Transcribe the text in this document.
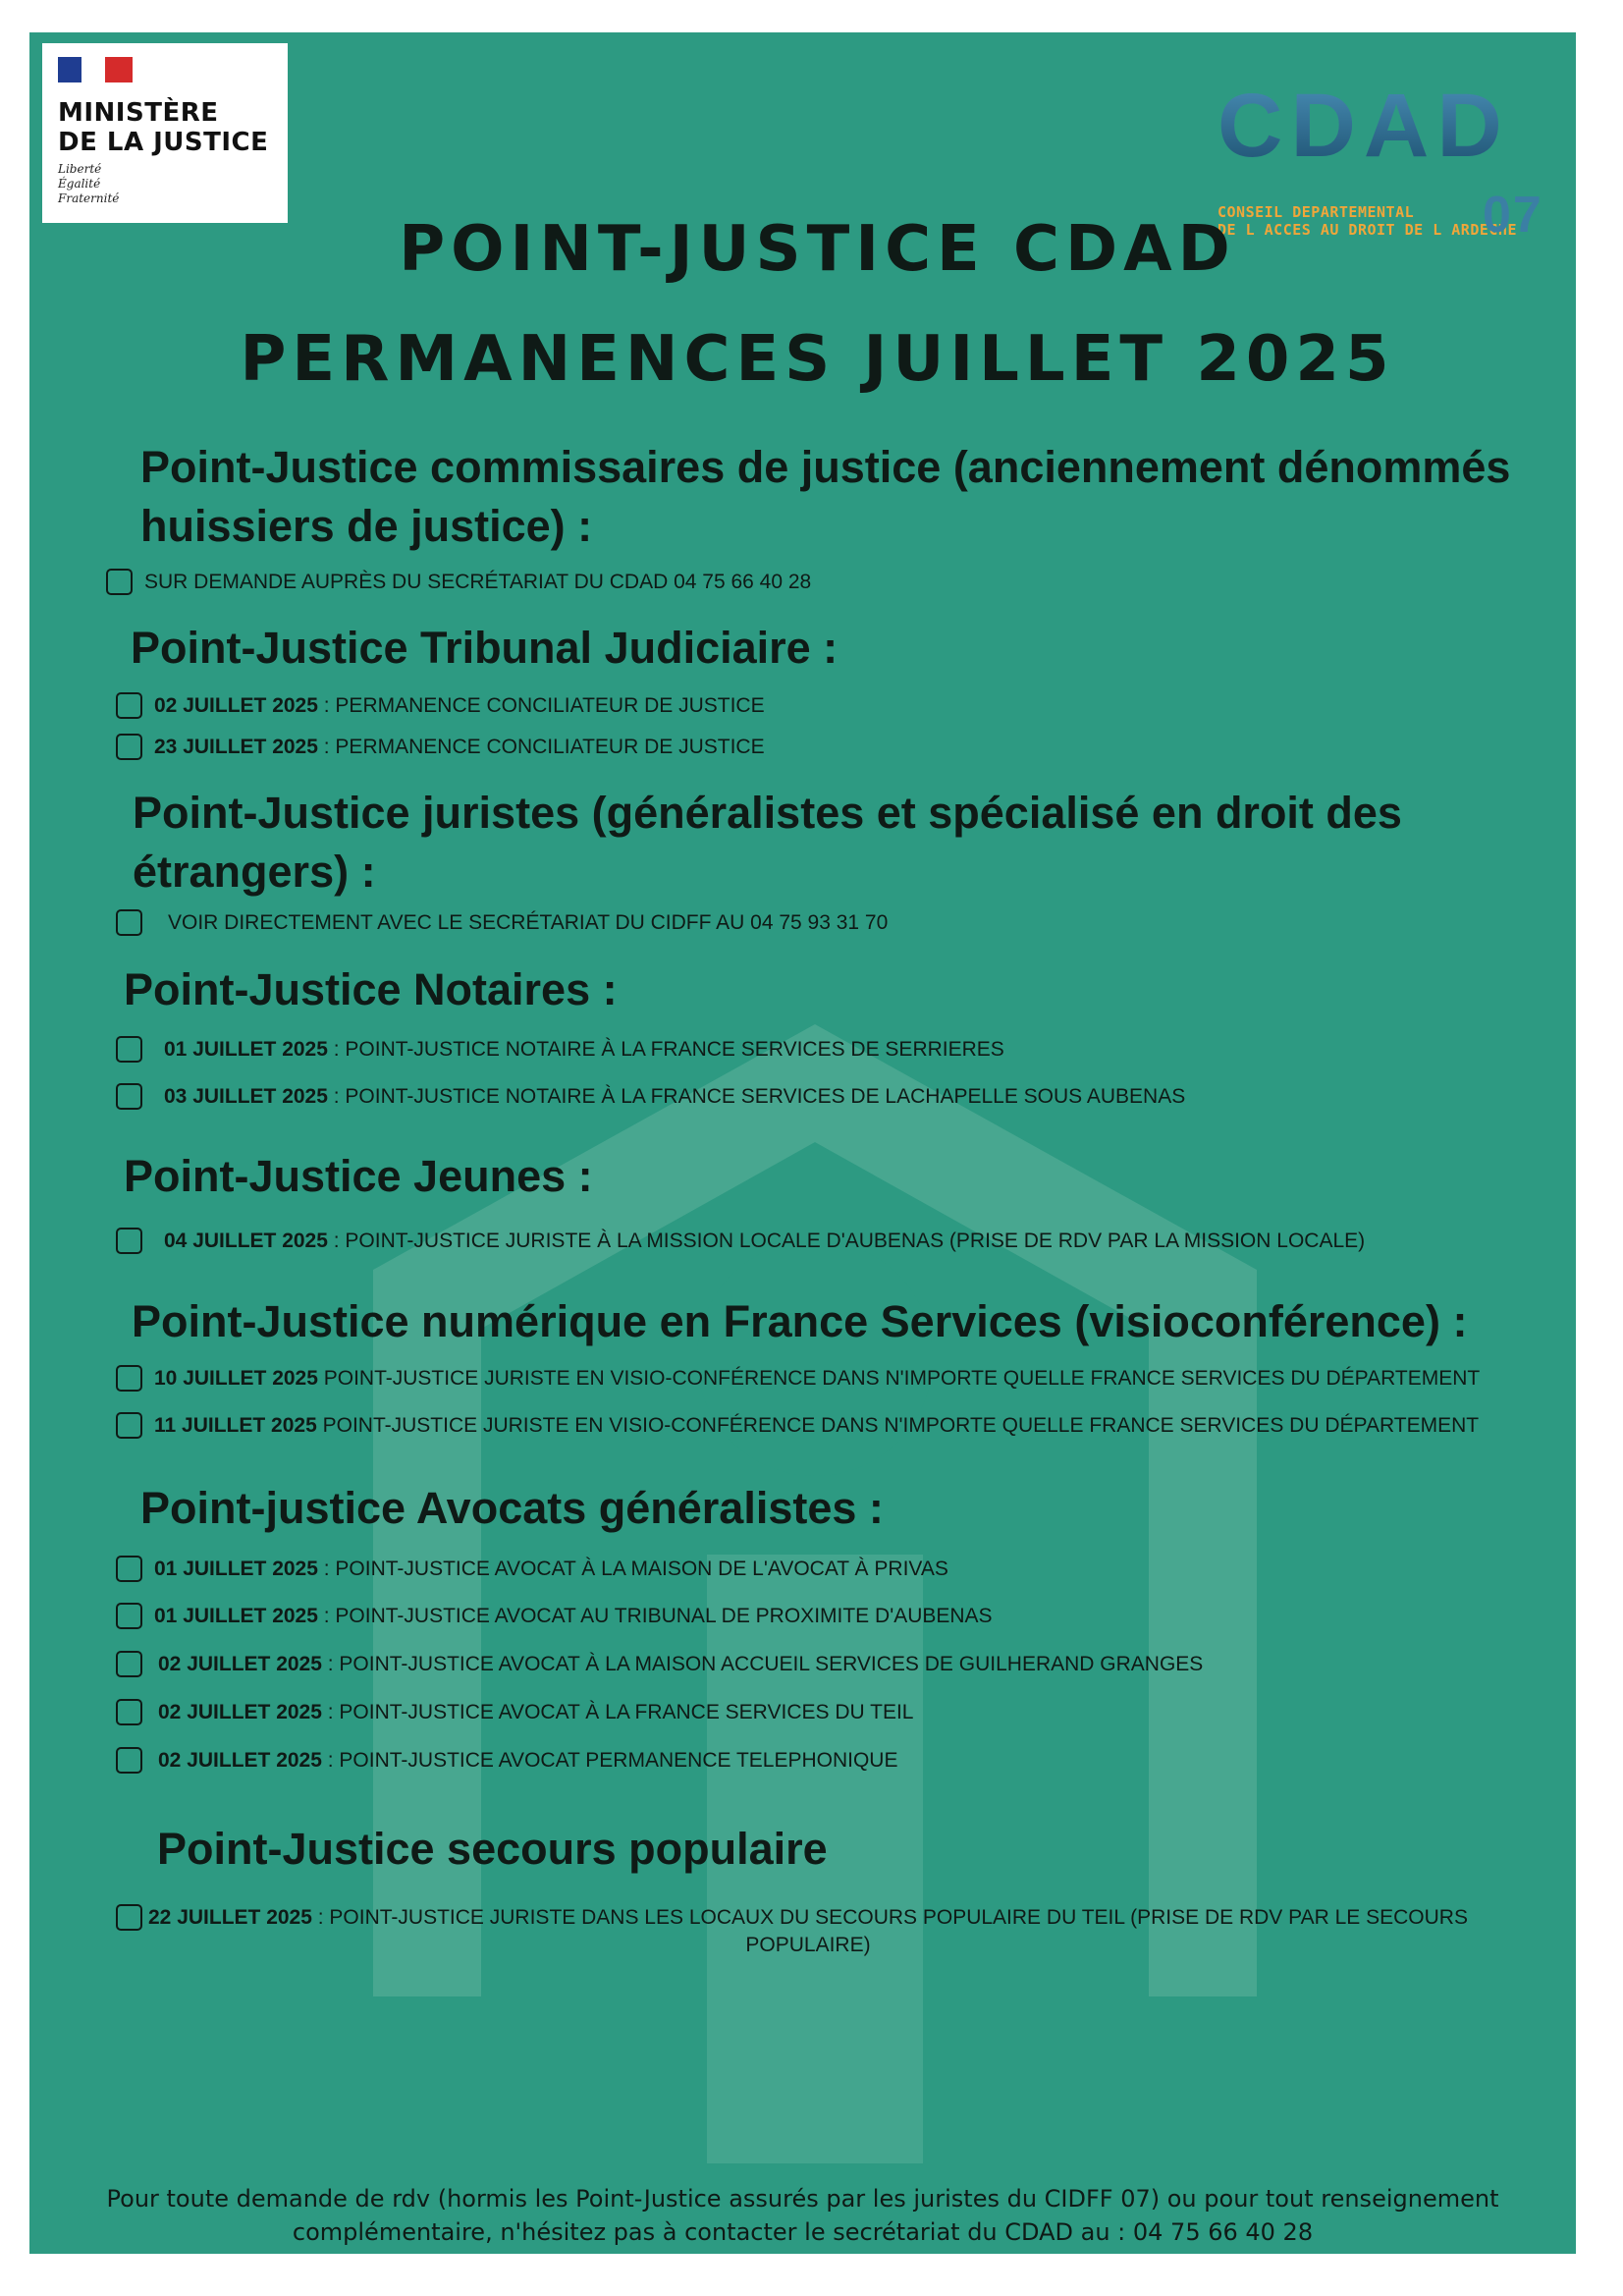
MINISTÈRE
DE LA JUSTICE
Liberté
Égalité
Fraternité
CDAD
CONSEIL DEPARTEMENTAL
DE L ACCES AU DROIT DE L ARDECHE
07
POINT-JUSTICE CDAD
PERMANENCES JUILLET 2025
Point-Justice commissaires de justice (anciennement dénommés
huissiers de justice) :
SUR DEMANDE AUPRÈS DU SECRÉTARIAT DU CDAD 04 75 66 40 28
Point-Justice Tribunal Judiciaire :
02 JUILLET 2025 : PERMANENCE CONCILIATEUR DE JUSTICE
23 JUILLET 2025 : PERMANENCE CONCILIATEUR DE JUSTICE
Point-Justice juristes (généralistes et spécialisé en droit des
étrangers) :
VOIR DIRECTEMENT AVEC LE SECRÉTARIAT DU CIDFF AU 04 75 93 31 70
Point-Justice Notaires :
01 JUILLET 2025 : POINT-JUSTICE NOTAIRE À LA FRANCE SERVICES DE SERRIERES
03 JUILLET 2025 : POINT-JUSTICE NOTAIRE À LA FRANCE SERVICES DE LACHAPELLE SOUS AUBENAS
Point-Justice Jeunes :
04 JUILLET 2025 : POINT-JUSTICE JURISTE À LA MISSION LOCALE D'AUBENAS (PRISE DE RDV PAR LA MISSION LOCALE)
Point-Justice numérique en France Services (visioconférence) :
10 JUILLET 2025 POINT-JUSTICE JURISTE EN VISIO-CONFÉRENCE DANS N'IMPORTE QUELLE FRANCE SERVICES DU DÉPARTEMENT
11 JUILLET 2025 POINT-JUSTICE JURISTE EN VISIO-CONFÉRENCE DANS N'IMPORTE QUELLE FRANCE SERVICES DU DÉPARTEMENT
Point-justice Avocats généralistes :
01 JUILLET 2025 : POINT-JUSTICE AVOCAT À LA MAISON DE L'AVOCAT À PRIVAS
01 JUILLET 2025 : POINT-JUSTICE AVOCAT AU TRIBUNAL DE PROXIMITE D'AUBENAS
02 JUILLET 2025 : POINT-JUSTICE AVOCAT À LA MAISON ACCUEIL SERVICES DE GUILHERAND GRANGES
02 JUILLET 2025 : POINT-JUSTICE AVOCAT À LA FRANCE SERVICES DU TEIL
02 JUILLET 2025 : POINT-JUSTICE AVOCAT PERMANENCE TELEPHONIQUE
Point-Justice secours populaire
22 JUILLET 2025 : POINT-JUSTICE JURISTE DANS LES LOCAUX DU SECOURS POPULAIRE DU TEIL (PRISE DE RDV PAR LE SECOURS
POPULAIRE)
Pour toute demande de rdv (hormis les Point-Justice assurés par les juristes du CIDFF 07) ou pour tout renseignement
complémentaire, n'hésitez pas à contacter le secrétariat du CDAD au : 04 75 66 40 28
